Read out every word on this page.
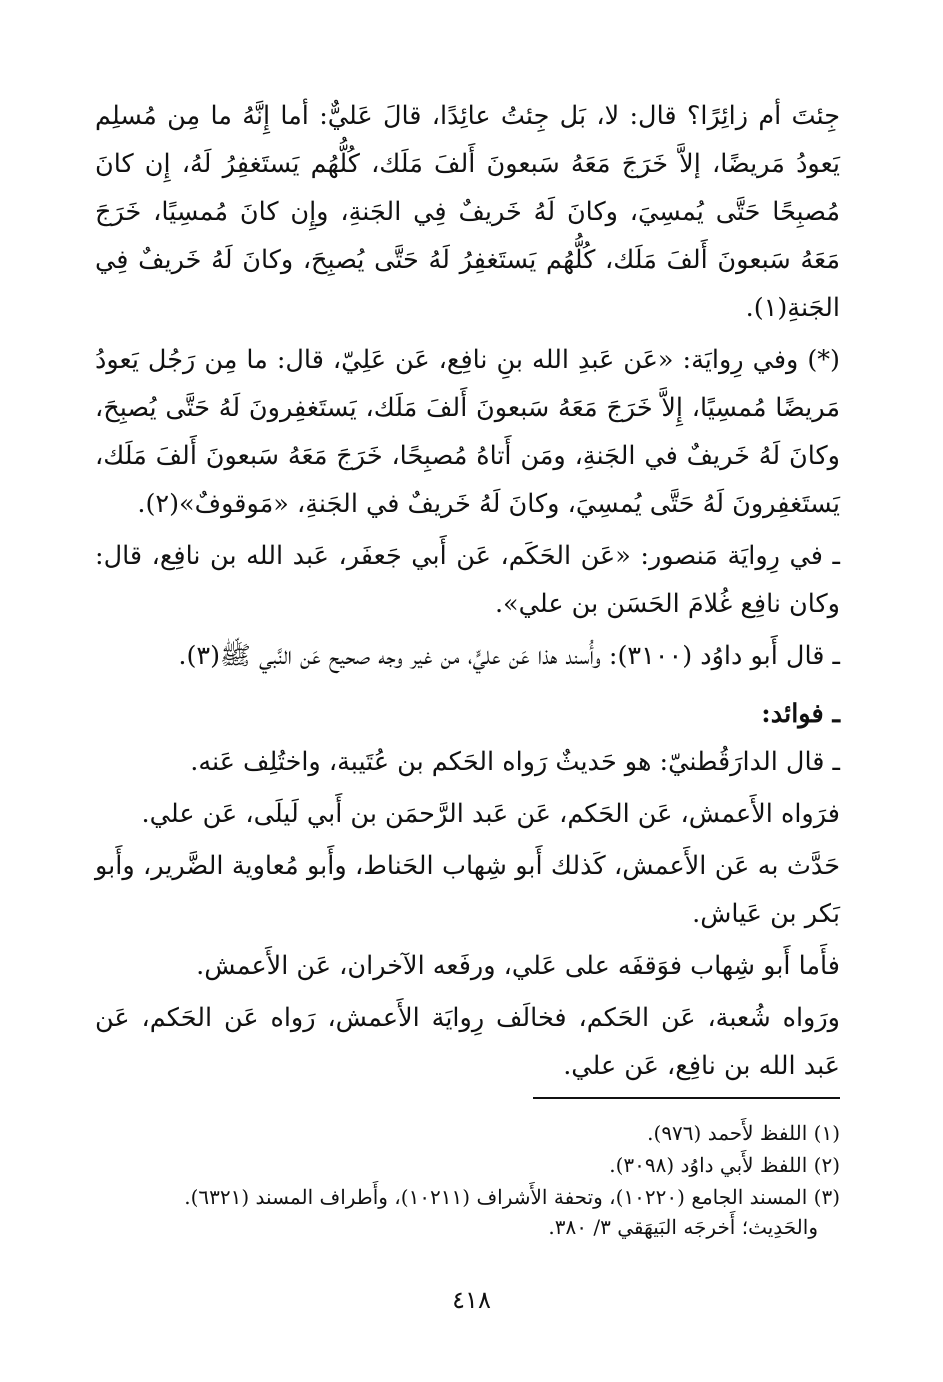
جِئتَ أم زائِرًا؟ قال: لا، بَل جِئتُ عائِدًا، قالَ عَليٌّ: أما إِنَّهُ ما مِن مُسلِم يَعودُ مَريضًا، إلاَّ خَرَجَ مَعَهُ سَبعونَ أَلفَ مَلَك، كُلُّهُم يَستَغفِرُ لَهُ، إِن كانَ مُصبِحًا حَتَّى يُمسِيَ، وكانَ لَهُ خَريفٌ فِي الجَنةِ، وإِن كانَ مُمسِيًا، خَرَجَ مَعَهُ سَبعونَ أَلفَ مَلَك، كُلُّهُم يَستَغفِرُ لَهُ حَتَّى يُصبِحَ، وكانَ لَهُ خَريفٌ فِي الجَنةِ(١).

(*) وفي رِوايَة: «عَن عَبدِ الله بنِ نافِع، عَن عَلِيّ، قال: ما مِن رَجُل يَعودُ مَريضًا مُمسِيًا، إِلاَّ خَرَجَ مَعَهُ سَبعونَ أَلفَ مَلَك، يَستَغفِرونَ لَهُ حَتَّى يُصبِحَ، وكانَ لَهُ خَريفٌ في الجَنةِ، ومَن أَتاهُ مُصبِحًا، خَرَجَ مَعَهُ سَبعونَ أَلفَ مَلَك، يَستَغفِرونَ لَهُ حَتَّى يُمسِيَ، وكانَ لَهُ خَريفٌ في الجَنةِ، «مَوقوفٌ»(٢).

ـ في رِوايَة مَنصور: «عَن الحَكَم، عَن أَبي جَعفَر، عَبد الله بن نافِع، قال: وكان نافِع غُلامَ الحَسَن بن علي».

ـ قال أَبو داوُد (٣١٠٠): وأُسند هذا عَن عليٍّ، من غير وجه صحيح عَن النَّبي ﷺ(٣).

ـ فوائد:

ـ قال الدارَقُطنيّ: هو حَديثٌ رَواه الحَكم بن عُتَيبة، واختُلِف عَنه.

فرَواه الأَعمش، عَن الحَكم، عَن عَبد الرَّحمَن بن أَبي لَيلَى، عَن علي.

حَدَّث به عَن الأَعمش، كَذلك أَبو شِهاب الحَناط، وأَبو مُعاوية الضَّرير، وأَبو بَكر بن عَياش.

فأَما أَبو شِهاب فوَقفَه على عَلي، ورفَعه الآخران، عَن الأَعمش.

ورَواه شُعبة، عَن الحَكم، فخالَف رِوايَة الأَعمش، رَواه عَن الحَكم، عَن عَبد الله بن نافِع، عَن علي.

(١) اللفظ لأَحمد (٩٧٦).

(٢) اللفظ لأَبي داوُد (٣٠٩٨).

(٣) المسند الجامع (١٠٢٢٠)، وتحفة الأَشراف (١٠٢١١)، وأَطراف المسند (٦٣٢١).

والحَدِيث؛ أَخرجَه البَيهَقي ٣/ ٣٨٠.

٤١٨
